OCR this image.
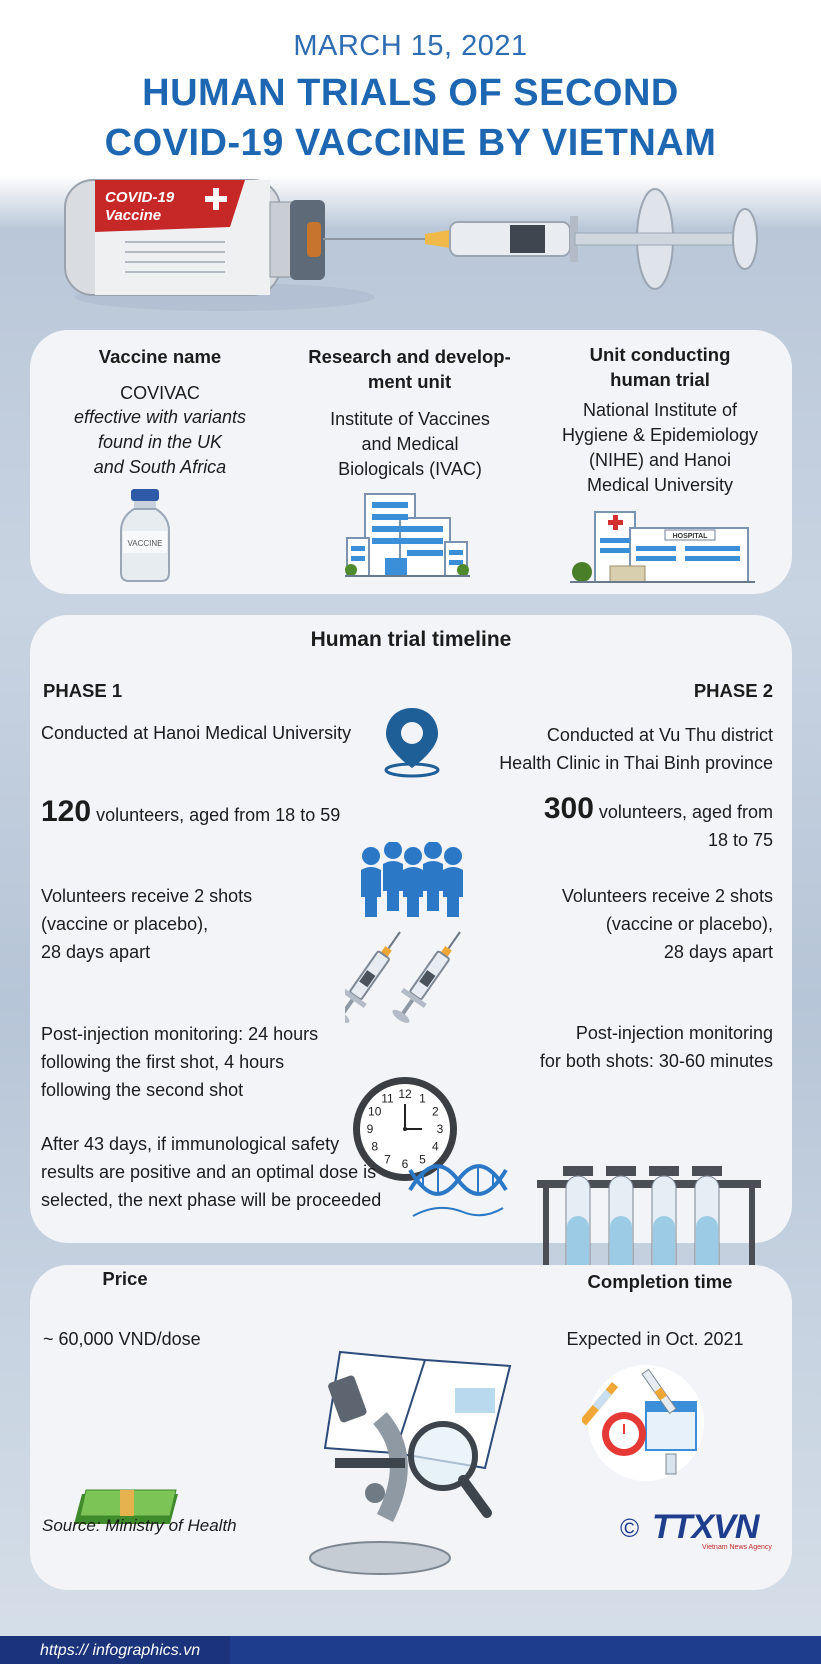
MARCH 15, 2021
HUMAN TRIALS OF SECOND
COVID-19 VACCINE BY VIETNAM
COVID-19
Vaccine
Vaccine name
COVIVAC
effective with variants
found in the UK
and South Africa
VACCINE
Research and develop-
ment unit
Institute of Vaccines
and Medical
Biologicals (IVAC)
Unit conducting
human trial
National Institute of
Hygiene & Epidemiology
(NIHE) and Hanoi
Medical University
HOSPITAL
Human trial timeline
PHASE 1	PHASE 2
Conducted at Hanoi Medical University	Conducted at Vu Thu district
Health Clinic in Thai Binh province
120 volunteers, aged from 18 to 59	300 volunteers, aged from
18 to 75
Volunteers receive 2 shots
(vaccine or placebo),
28 days apart
Volunteers receive 2 shots
(vaccine or placebo),
28 days apart
Post-injection monitoring: 24 hours
following the first shot, 4 hours
following the second shot
Post-injection monitoring
for both shots: 30-60 minutes
12 1
2
3
4
5
6
7
8
9
10
11
After 43 days, if immunological safety
results are positive and an optimal dose is
selected, the next phase will be proceeded
Price
~ 60,000 VND/dose
Completion time
Expected in Oct. 2021
Source: Ministry of Health
https:// infographics.vn
© TTXVN
Vietnam News Agency
